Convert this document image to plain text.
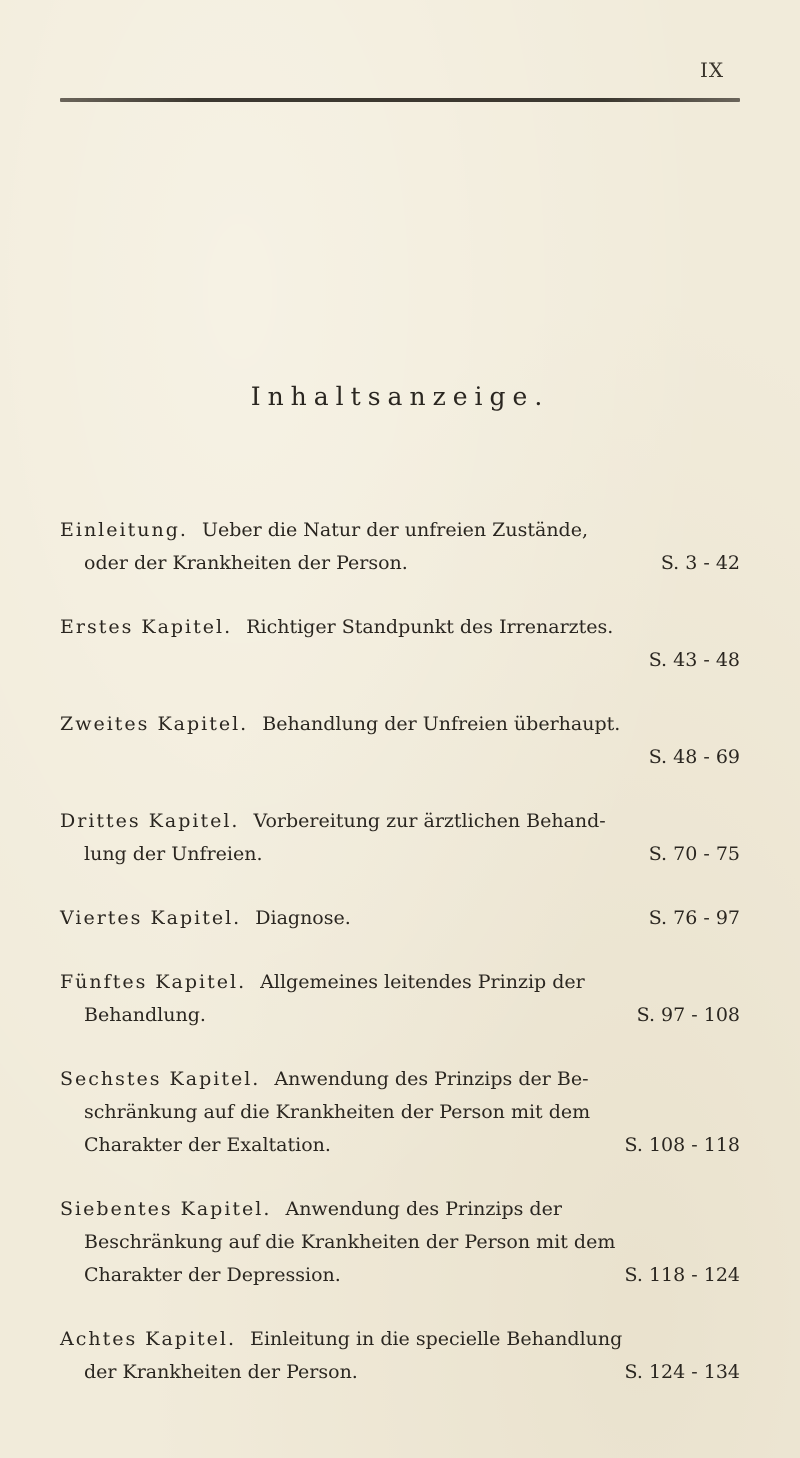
IX
Inhaltsanzeige.
Einleitung. Ueber die Natur der unfreien Zustände,
oder der Krankheiten der Person.	S. 3 - 42
Erstes Kapitel. Richtiger Standpunkt des Irrenarztes.
S. 43 - 48
Zweites Kapitel. Behandlung der Unfreien überhaupt.
S. 48 - 69
Drittes Kapitel. Vorbereitung zur ärztlichen Behand-
lung der Unfreien.	S. 70 - 75
Viertes Kapitel. Diagnose.	S. 76 - 97
Fünftes Kapitel. Allgemeines leitendes Prinzip der
Behandlung.	S. 97 - 108
Sechstes Kapitel. Anwendung des Prinzips der Be-
schränkung auf die Krankheiten der Person mit dem
Charakter der Exaltation.	S. 108 - 118
Siebentes Kapitel. Anwendung des Prinzips der
Beschränkung auf die Krankheiten der Person mit dem
Charakter der Depression.	S. 118 - 124
Achtes Kapitel. Einleitung in die specielle Behandlung
der Krankheiten der Person.	S. 124 - 134
